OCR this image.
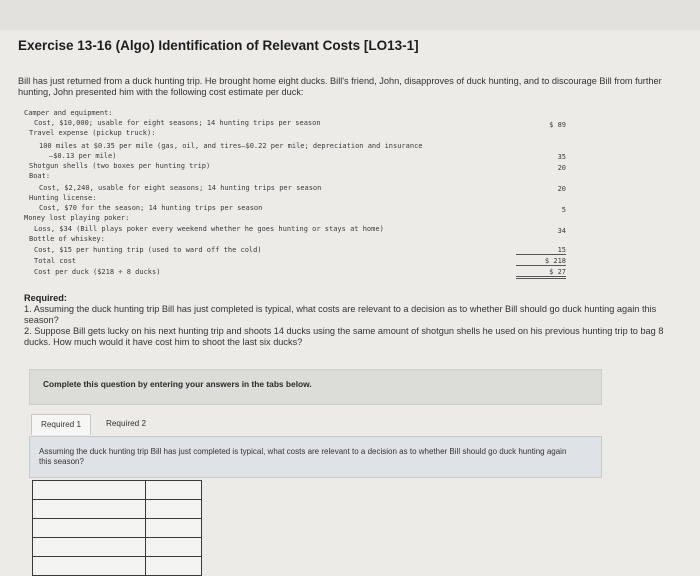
Exercise 13-16 (Algo) Identification of Relevant Costs [LO13-1]
Bill has just returned from a duck hunting trip. He brought home eight ducks. Bill's friend, John, disapproves of duck hunting, and to discourage Bill from further hunting, John presented him with the following cost estimate per duck:
Camper and equipment:
Cost, $10,000; usable for eight seasons; 14 hunting trips per season	$ 89
Travel expense (pickup truck):
100 miles at $0.35 per mile (gas, oil, and tires—$0.22 per mile; depreciation and insurance
—$0.13 per mile)	35
Shotgun shells (two boxes per hunting trip)	20
Boat:
Cost, $2,240, usable for eight seasons; 14 hunting trips per season	20
Hunting license:
Cost, $70 for the season; 14 hunting trips per season	5
Money lost playing poker:
Loss, $34 (Bill plays poker every weekend whether he goes hunting or stays at home)	34
Bottle of whiskey:
Cost, $15 per hunting trip (used to ward off the cold)	15
Total cost	$ 218
Cost per duck ($218 ÷ 8 ducks)	$ 27
Required:
1. Assuming the duck hunting trip Bill has just completed is typical, what costs are relevant to a decision as to whether Bill should go duck hunting again this season?
2. Suppose Bill gets lucky on his next hunting trip and shoots 14 ducks using the same amount of shotgun shells he used on his previous hunting trip to bag 8 ducks. How much would it have cost him to shoot the last six ducks?
Complete this question by entering your answers in the tabs below.
Required 1	Required 2
Assuming the duck hunting trip Bill has just completed is typical, what costs are relevant to a decision as to whether Bill should go duck hunting again this season?
